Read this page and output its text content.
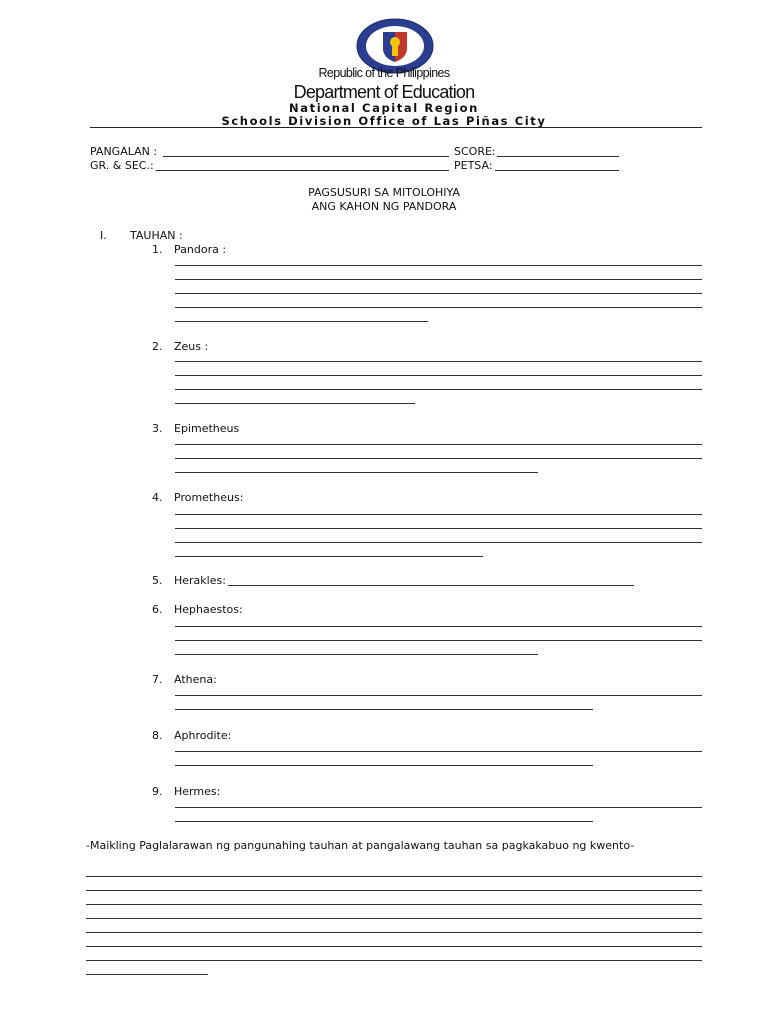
Republic of the Philippines
Department of Education
National Capital Region
Schools Division Office of Las Piñas City
PANGALAN :	SCORE:
GR. & SEC.:	PETSA:
PAGSUSURI SA MITOLOHIYA
ANG KAHON NG PANDORA
I. TAUHAN :
1. Pandora :
2. Zeus :
3. Epimetheus
4. Prometheus:
5. Herakles:
6. Hephaestos:
7. Athena:
8. Aphrodite:
9. Hermes:
-Maikling Paglalarawan ng pangunahing tauhan at pangalawang tauhan sa pagkakabuo ng kwento-
